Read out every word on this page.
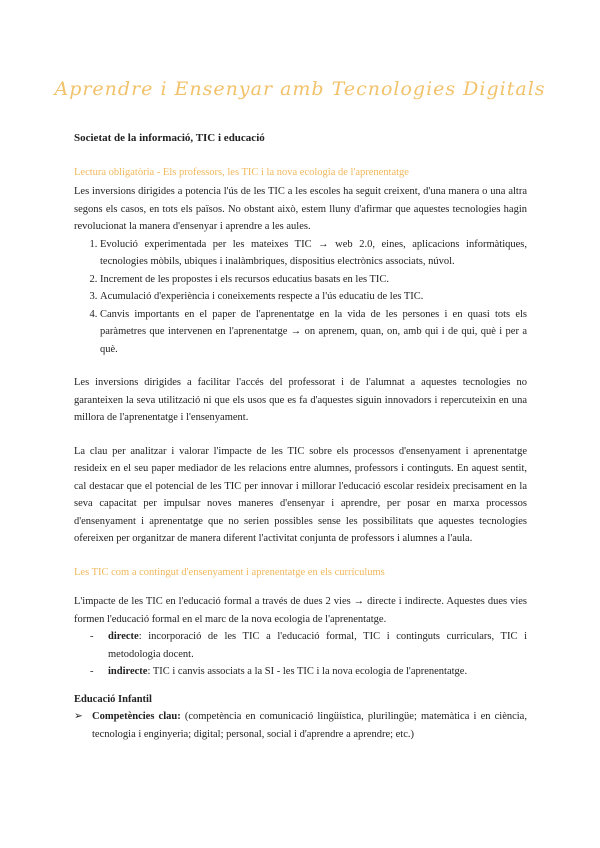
Aprendre i Ensenyar amb Tecnologies Digitals
Societat de la informació, TIC i educació
Lectura obligatòria - Els professors, les TIC i la nova ecologia de l'aprenentatge

Les inversions dirigides a potencia l'ús de les TIC a les escoles ha seguit creixent, d'una manera o una altra segons els casos, en tots els països. No obstant això, estem lluny d'afirmar que aquestes tecnologies hagin revolucionat la manera d'ensenyar i aprendre a les aules.

1. Evolució experimentada per les mateixes TIC → web 2.0, eines, aplicacions informàtiques, tecnologies mòbils, ubiques i inalàmbriques, dispositius electrònics associats, núvol.
2. Increment de les propostes i els recursos educatius basats en les TIC.
3. Acumulació d'experiència i coneixements respecte a l'ús educatiu de les TIC.
4. Canvis importants en el paper de l'aprenentatge en la vida de les persones i en quasi tots els paràmetres que intervenen en l'aprenentatge → on aprenem, quan, on, amb qui i de qui, què i per a què.

Les inversions dirigides a facilitar l'accés del professorat i de l'alumnat a aquestes tecnologies no garanteixen la seva utilització ni que els usos que es fa d'aquestes siguin innovadors i repercuteixin en una millora de l'aprenentatge i l'ensenyament.

La clau per analitzar i valorar l'impacte de les TIC sobre els processos d'ensenyament i aprenentatge resideix en el seu paper mediador de les relacions entre alumnes, professors i continguts. En aquest sentit, cal destacar que el potencial de les TIC per innovar i millorar l'educació escolar resideix precisament en la seva capacitat per impulsar noves maneres d'ensenyar i aprendre, per posar en marxa processos d'ensenyament i aprenentatge que no serien possibles sense les possibilitats que aquestes tecnologies ofereixen per organitzar de manera diferent l'activitat conjunta de professors i alumnes a l'aula.

Les TIC com a contingut d'ensenyament i aprenentatge en els currículums

L'impacte de les TIC en l'educació formal a través de dues 2 vies → directe i indirecte. Aquestes dues vies formen l'educació formal en el marc de la nova ecologia de l'aprenentatge.

- directe: incorporació de les TIC a l'educació formal, TIC i continguts curriculars, TIC i metodologia docent.
- indirecte: TIC i canvis associats a la SI - les TIC i la nova ecologia de l'aprenentatge.
Educació Infantil
➢ Competències clau: (competència en comunicació lingüística, plurilingüe; matemàtica i en ciència, tecnologia i enginyeria; digital; personal, social i d'aprendre a aprendre; etc.)
